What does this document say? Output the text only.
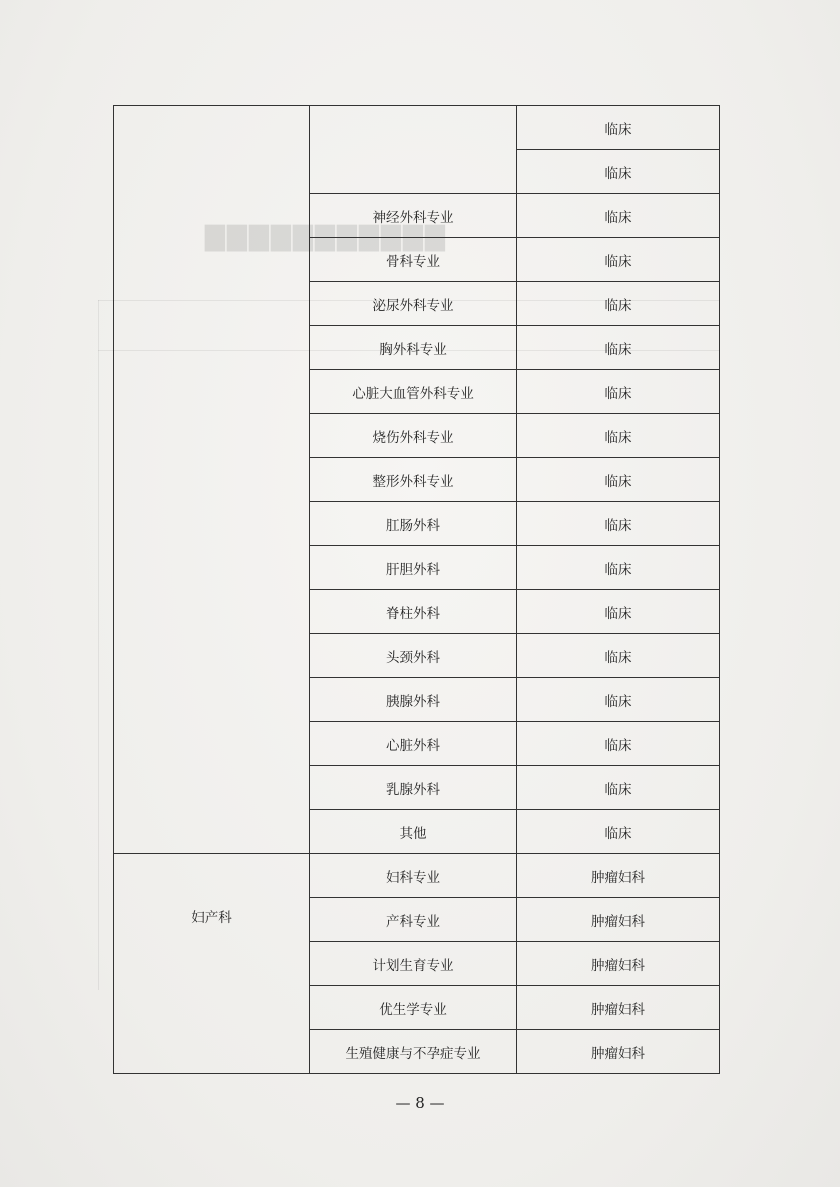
▇▇▇▇▇▇▇▇▇▇▇
		临床
		临床
	神经外科专业	临床
	骨科专业	临床
	泌尿外科专业	临床
	胸外科专业	临床
	心脏大血管外科专业	临床
	烧伤外科专业	临床
	整形外科专业	临床
	肛肠外科	临床
	肝胆外科	临床
	脊柱外科	临床
	头颈外科	临床
	胰腺外科	临床
	心脏外科	临床
	乳腺外科	临床
	其他	临床
妇产科	妇科专业	肿瘤妇科
	产科专业	肿瘤妇科
	计划生育专业	肿瘤妇科
	优生学专业	肿瘤妇科
	生殖健康与不孕症专业	肿瘤妇科
— 8 —
